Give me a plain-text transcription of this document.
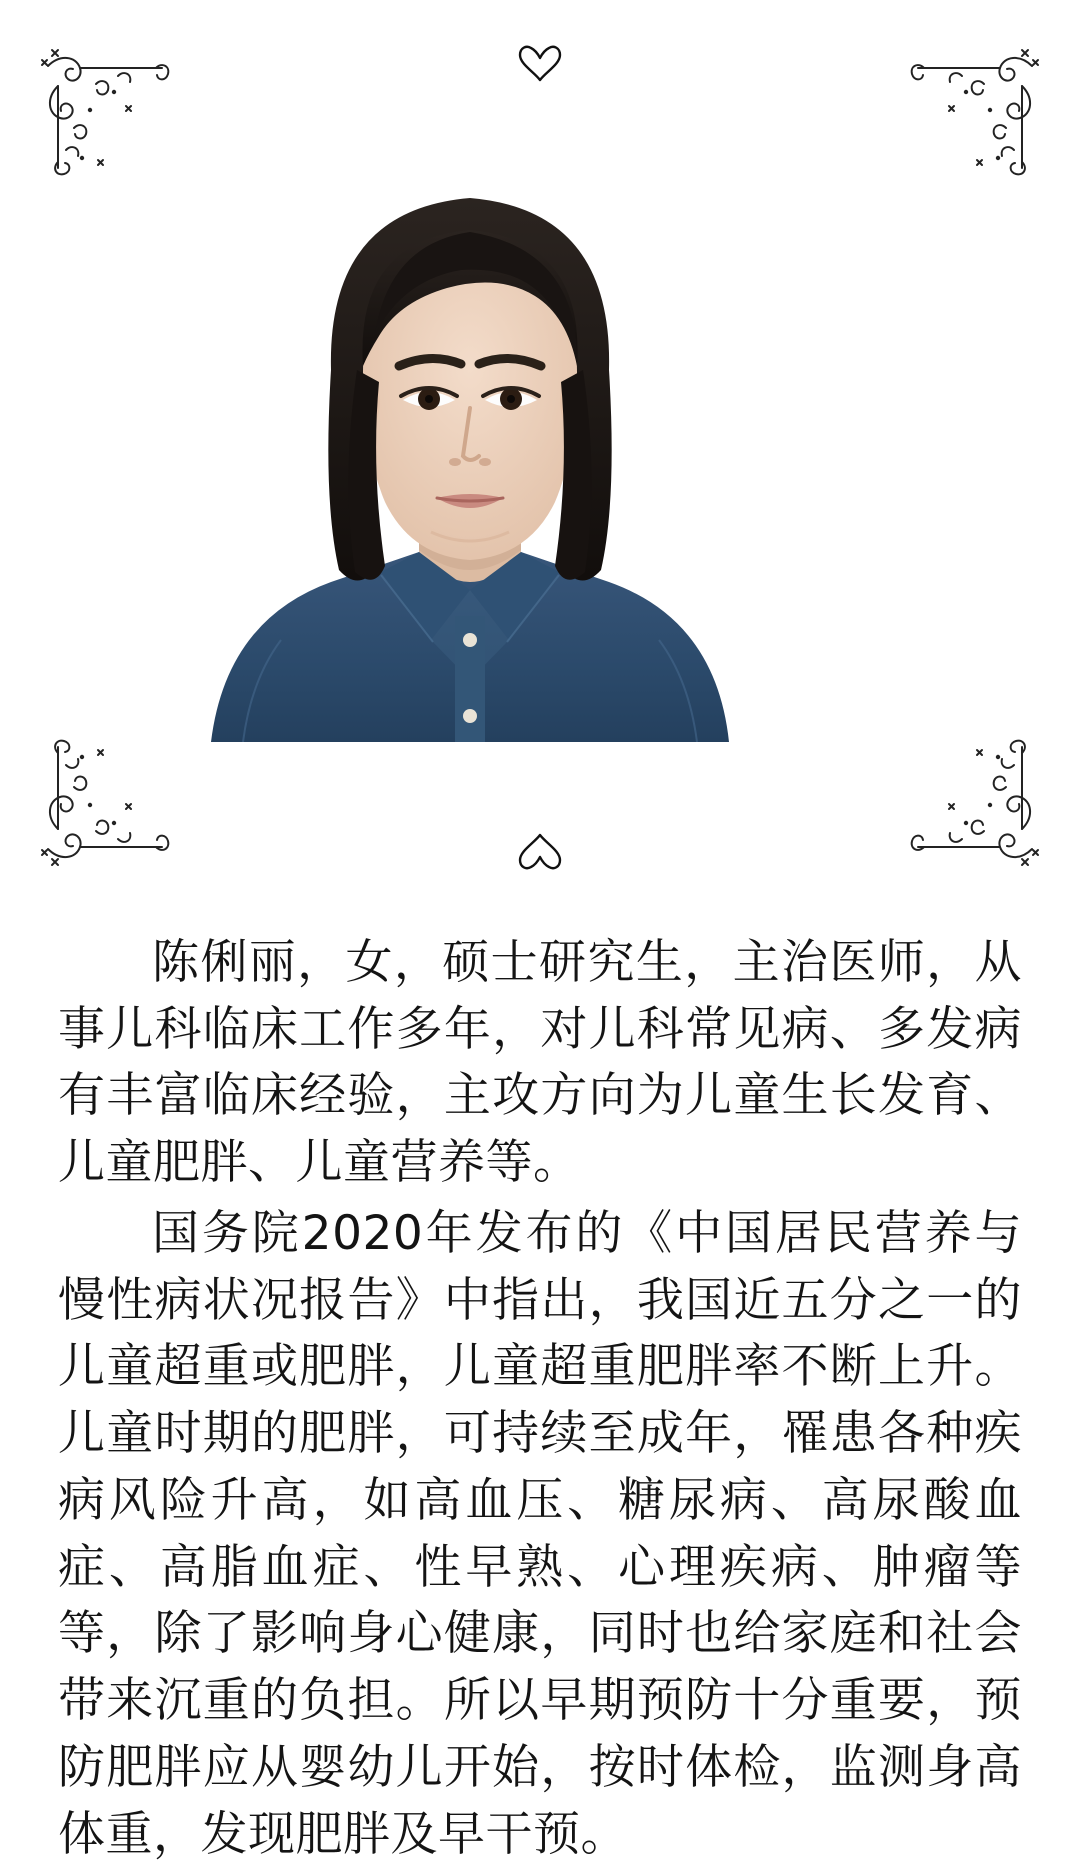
陈俐丽，女，硕士研究生，主治医师，从事儿科临床工作多年，对儿科常见病、多发病有丰富临床经验，主攻方向为儿童生长发育、儿童肥胖、儿童营养等。

国务院2020年发布的《中国居民营养与慢性病状况报告》中指出，我国近五分之一的儿童超重或肥胖，儿童超重肥胖率不断上升。儿童时期的肥胖，可持续至成年，罹患各种疾病风险升高，如高血压、糖尿病、高尿酸血症、高脂血症、性早熟、心理疾病、肿瘤等等，除了影响身心健康，同时也给家庭和社会带来沉重的负担。所以早期预防十分重要，预防肥胖应从婴幼儿开始，按时体检，监测身高体重，发现肥胖及早干预。
